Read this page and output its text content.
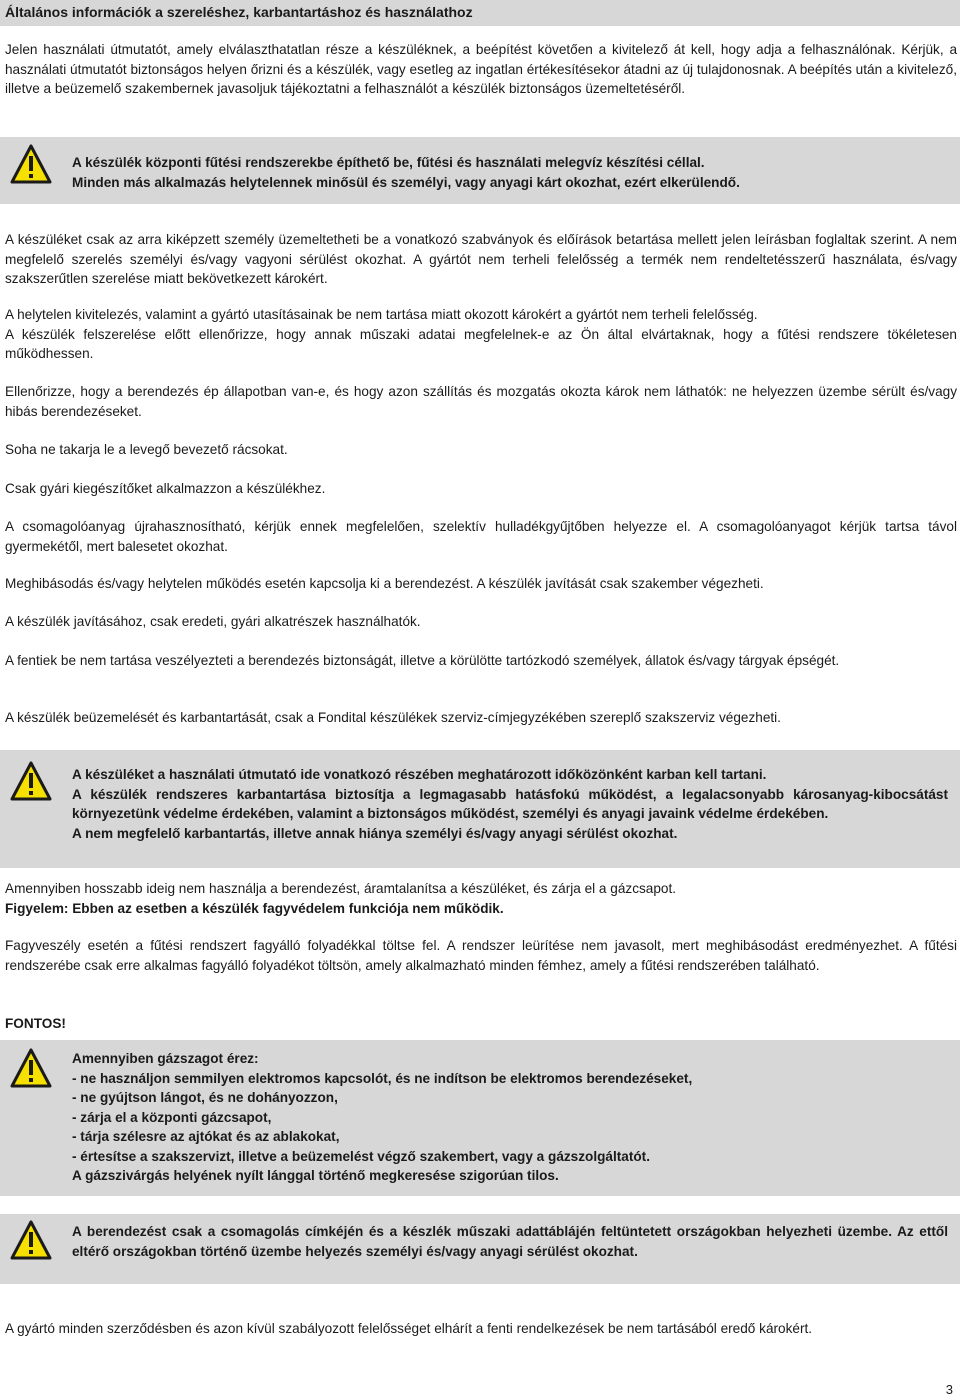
Általános információk a szereléshez, karbantartáshoz és használathoz

Jelen használati útmutatót, amely elválaszthatatlan része a készüléknek, a beépítést követően a kivitelező át kell, hogy adja a felhasználónak. Kérjük, a használati útmutatót biztonságos helyen őrizni és a készülék, vagy esetleg az ingatlan értékesítésekor átadni az új tulajdonosnak. A beépítés után a kivitelező, illetve a beüzemelő szakembernek javasoljuk tájékoztatni a felhasználót a készülék biztonságos üzemeltetéséről.

A készülék központi fűtési rendszerekbe építhető be, fűtési és használati melegvíz készítési céllal.

Minden más alkalmazás helytelennek minősül és személyi, vagy anyagi kárt okozhat, ezért elkerülendő.

A készüléket csak az arra kiképzett személy üzemeltetheti be a vonatkozó szabványok és előírások betartása mellett jelen leírásban foglaltak szerint. A nem megfelelő szerelés személyi és/vagy vagyoni sérülést okozhat. A gyártót nem terheli felelősség a termék nem rendeltetésszerű használata, és/vagy szakszerűtlen szerelése miatt bekövetkezett károkért.

A helytelen kivitelezés, valamint a gyártó utasításainak be nem tartása miatt okozott károkért a gyártót nem terheli felelősség.

A készülék felszerelése előtt ellenőrizze, hogy annak műszaki adatai megfelelnek-e az Ön által elvártaknak, hogy a fűtési rendszere tökéletesen működhessen.

Ellenőrizze, hogy a berendezés ép állapotban van-e, és hogy azon szállítás és mozgatás okozta károk nem láthatók: ne helyezzen üzembe sérült és/vagy hibás berendezéseket.

Soha ne takarja le a levegő bevezető rácsokat.

Csak gyári kiegészítőket alkalmazzon a készülékhez.

A csomagolóanyag újrahasznosítható, kérjük ennek megfelelően, szelektív hulladékgyűjtőben helyezze el. A csomagolóanyagot kérjük tartsa távol gyermekétől, mert balesetet okozhat.

Meghibásodás és/vagy helytelen működés esetén kapcsolja ki a berendezést. A készülék javítását csak szakember végezheti.

A készülék javításához, csak eredeti, gyári alkatrészek használhatók.

A fentiek be nem tartása veszélyezteti a berendezés biztonságát, illetve a körülötte tartózkodó személyek, állatok és/vagy tárgyak épségét.

A készülék beüzemelését és karbantartását, csak a Fondital készülékek szerviz-címjegyzékében szereplő szakszerviz végezheti.

A készüléket a használati útmutató ide vonatkozó részében meghatározott időközönként karban kell tartani.

A készülék rendszeres karbantartása biztosítja a legmagasabb hatásfokú működést, a legalacsonyabb károsanyag-kibocsátást környezetünk védelme érdekében, valamint a biztonságos működést, személyi és anyagi javaink védelme érdekében.

A nem megfelelő karbantartás, illetve annak hiánya személyi és/vagy anyagi sérülést okozhat.

Amennyiben hosszabb ideig nem használja a berendezést, áramtalanítsa a készüléket, és zárja el a gázcsapot.

Figyelem: Ebben az esetben a készülék fagyvédelem funkciója nem működik.

Fagyveszély esetén a fűtési rendszert fagyálló folyadékkal töltse fel. A rendszer leürítése nem javasolt, mert meghibásodást eredményezhet. A fűtési rendszerébe csak erre alkalmas fagyálló folyadékot töltsön, amely alkalmazható minden fémhez, amely a fűtési rendszerében található.

FONTOS!

Amennyiben gázszagot érez:

- ne használjon semmilyen elektromos kapcsolót, és ne indítson be elektromos berendezéseket,

- ne gyújtson lángot, és ne dohányozzon,

- zárja el a központi gázcsapot,

- tárja szélesre az ajtókat és az ablakokat,

- értesítse a szakszervizt, illetve a beüzemelést végző szakembert, vagy a gázszolgáltatót.

A gázszivárgás helyének nyílt lánggal történő megkeresése szigorúan tilos.

A berendezést csak a csomagolás címkéjén és a készlék műszaki adattáblájén feltüntetett országokban helyezheti üzembe. Az ettől eltérő országokban történő üzembe helyezés személyi és/vagy anyagi sérülést okozhat.

A gyártó minden szerződésben és azon kívül szabályozott felelősséget elhárít a fenti rendelkezések be nem tartásából eredő károkért.

3
